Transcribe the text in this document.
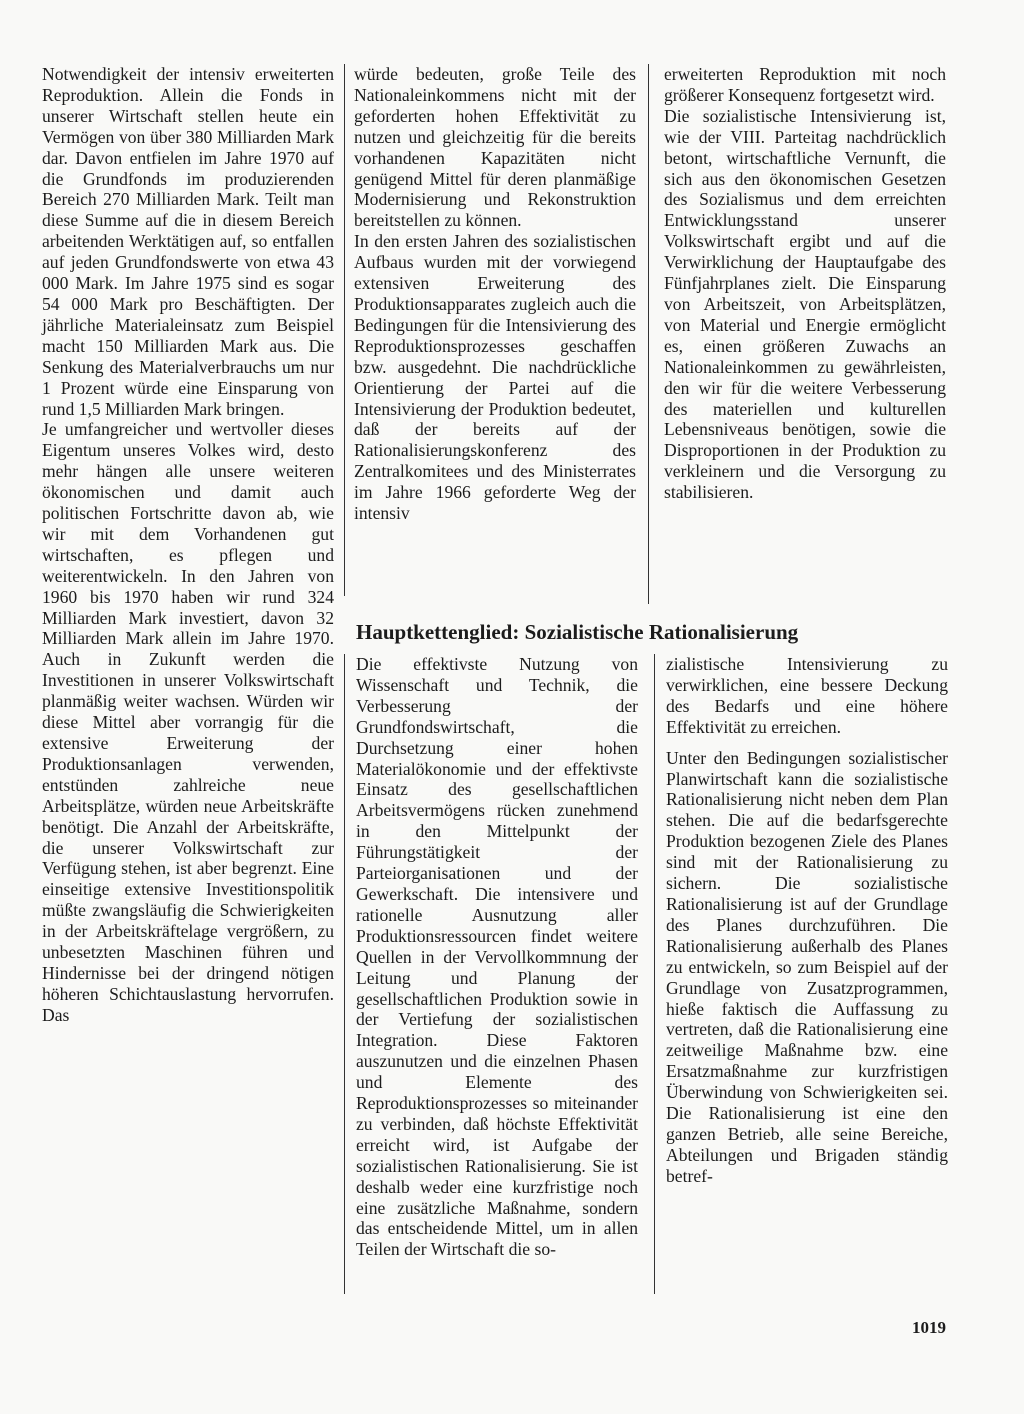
Notwendigkeit der intensiv erweiterten Reproduktion. Allein die Fonds in unserer Wirtschaft stellen heute ein Vermögen von über 380 Milliarden Mark dar. Davon entfielen im Jahre 1970 auf die Grundfonds im produzierenden Bereich 270 Milliarden Mark. Teilt man diese Summe auf die in diesem Bereich arbeitenden Werktätigen auf, so entfallen auf jeden Grundfondswerte von etwa 43 000 Mark. Im Jahre 1975 sind es sogar 54 000 Mark pro Beschäftigten. Der jährliche Materialeinsatz zum Beispiel macht 150 Milliarden Mark aus. Die Senkung des Materialverbrauchs um nur 1 Prozent würde eine Einsparung von rund 1,5 Milliarden Mark bringen.

Je umfangreicher und wertvoller dieses Eigentum unseres Volkes wird, desto mehr hängen alle unsere weiteren ökonomischen und damit auch politischen Fortschritte davon ab, wie wir mit dem Vorhandenen gut wirtschaften, es pflegen und weiterentwickeln. In den Jahren von 1960 bis 1970 haben wir rund 324 Milliarden Mark investiert, davon 32 Milliarden Mark allein im Jahre 1970. Auch in Zukunft werden die Investitionen in unserer Volkswirtschaft planmäßig weiter wachsen. Würden wir diese Mittel aber vorrangig für die extensive Erweiterung der Produktionsanlagen verwenden, entstünden zahlreiche neue Arbeitsplätze, würden neue Arbeitskräfte benötigt. Die Anzahl der Arbeitskräfte, die unserer Volkswirtschaft zur Verfügung stehen, ist aber begrenzt. Eine einseitige extensive Investitionspolitik müßte zwangsläufig die Schwierigkeiten in der Arbeitskräftelage vergrößern, zu unbesetzten Maschinen führen und Hindernisse bei der dringend nötigen höheren Schichtauslastung hervorrufen. Das

würde bedeuten, große Teile des Nationaleinkommens nicht mit der geforderten hohen Effektivität zu nutzen und gleichzeitig für die bereits vorhandenen Kapazitäten nicht genügend Mittel für deren planmäßige Modernisierung und Rekonstruktion bereitstellen zu können.

In den ersten Jahren des sozialistischen Aufbaus wurden mit der vorwiegend extensiven Erweiterung des Produktionsapparates zugleich auch die Bedingungen für die Intensivierung des Reproduktionsprozesses geschaffen bzw. ausgedehnt. Die nachdrückliche Orientierung der Partei auf die Intensivierung der Produktion bedeutet, daß der bereits auf der Rationalisierungskonferenz des Zentralkomitees und des Ministerrates im Jahre 1966 geforderte Weg der intensiv

erweiterten Reproduktion mit noch größerer Konsequenz fortgesetzt wird.

Die sozialistische Intensivierung ist, wie der VIII. Parteitag nachdrücklich betont, wirtschaftliche Vernunft, die sich aus den ökonomischen Gesetzen des Sozialismus und dem erreichten Entwicklungsstand unserer Volkswirtschaft ergibt und auf die Verwirklichung der Hauptaufgabe des Fünfjahrplanes zielt. Die Einsparung von Arbeitszeit, von Arbeitsplätzen, von Material und Energie ermöglicht es, einen größeren Zuwachs an Nationaleinkommen zu gewährleisten, den wir für die weitere Verbesserung des materiellen und kulturellen Lebensniveaus benötigen, sowie die Disproportionen in der Produktion zu verkleinern und die Versorgung zu stabilisieren.

Hauptkettenglied: Sozialistische Rationalisierung

Die effektivste Nutzung von Wissenschaft und Technik, die Verbesserung der Grundfondswirtschaft, die Durchsetzung einer hohen Materialökonomie und der effektivste Einsatz des gesellschaftlichen Arbeitsvermögens rücken zunehmend in den Mittelpunkt der Führungstätigkeit der Parteiorganisationen und der Gewerkschaft. Die intensivere und rationelle Ausnutzung aller Produktionsressourcen findet weitere Quellen in der Vervollkommnung der Leitung und Planung der gesellschaftlichen Produktion sowie in der Vertiefung der sozialistischen Integration. Diese Faktoren auszunutzen und die einzelnen Phasen und Elemente des Reproduktionsprozesses so miteinander zu verbinden, daß höchste Effektivität erreicht wird, ist Aufgabe der sozialistischen Rationalisierung. Sie ist deshalb weder eine kurzfristige noch eine zusätzliche Maßnahme, sondern das entscheidende Mittel, um in allen Teilen der Wirtschaft die so-

zialistische Intensivierung zu verwirklichen, eine bessere Deckung des Bedarfs und eine höhere Effektivität zu erreichen.

Unter den Bedingungen sozialistischer Planwirtschaft kann die sozialistische Rationalisierung nicht neben dem Plan stehen. Die auf die bedarfsgerechte Produktion bezogenen Ziele des Planes sind mit der Rationalisierung zu sichern. Die sozialistische Rationalisierung ist auf der Grundlage des Planes durchzuführen. Die Rationalisierung außerhalb des Planes zu entwickeln, so zum Beispiel auf der Grundlage von Zusatzprogrammen, hieße faktisch die Auffassung zu vertreten, daß die Rationalisierung eine zeitweilige Maßnahme bzw. eine Ersatzmaßnahme zur kurzfristigen Überwindung von Schwierigkeiten sei. Die Rationalisierung ist eine den ganzen Betrieb, alle seine Bereiche, Abteilungen und Brigaden ständig betref-

1019
